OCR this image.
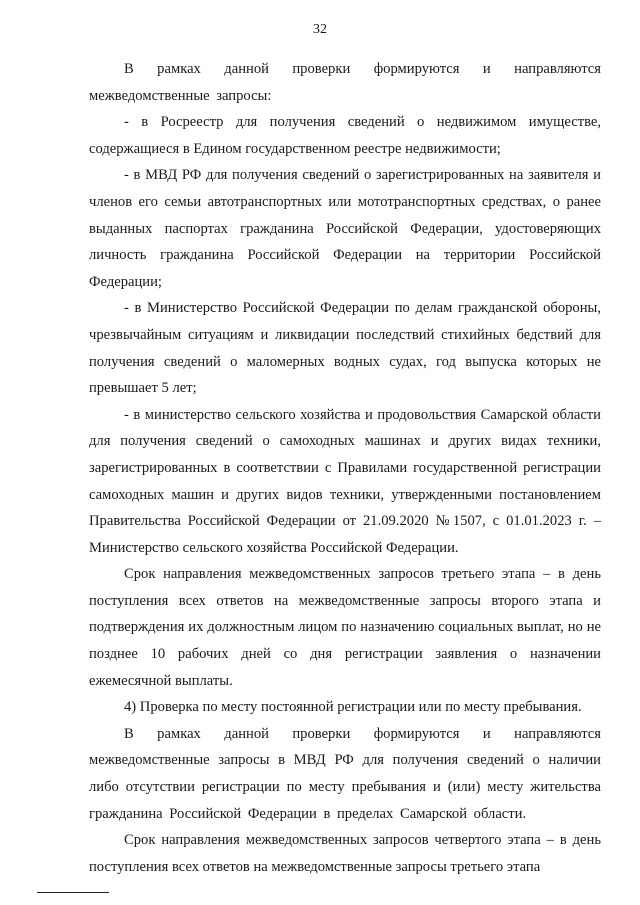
32

В рамках данной проверки формируются и направляются межведомственные запросы:

- в Росреестр для получения сведений о недвижимом имуществе, содержащиеся в Едином государственном реестре недвижимости;

- в МВД РФ для получения сведений о зарегистрированных на заявителя и членов его семьи автотранспортных или мототранспортных средствах, о ранее выданных паспортах гражданина Российской Федерации, удостоверяющих личность гражданина Российской Федерации на территории Российской Федерации;

- в Министерство Российской Федерации по делам гражданской обороны, чрезвычайным ситуациям и ликвидации последствий стихийных бедствий для получения сведений о маломерных водных судах, год выпуска которых не превышает 5 лет;

- в министерство сельского хозяйства и продовольствия Самарской области для получения сведений о самоходных машинах и других видах техники, зарегистрированных в соответствии с Правилами государственной регистрации самоходных машин и других видов техники, утвержденными постановлением Правительства Российской Федерации от 21.09.2020 №1507, с 01.01.2023 г. – Министерство сельского хозяйства Российской Федерации.

Срок направления межведомственных запросов третьего этапа – в день поступления всех ответов на межведомственные запросы второго этапа и подтверждения их должностным лицом по назначению социальных выплат, но не позднее 10 рабочих дней со дня регистрации заявления о назначении ежемесячной выплаты.

4) Проверка по месту постоянной регистрации или по месту пребывания.

В рамках данной проверки формируются и направляются межведомственные запросы в МВД РФ для получения сведений о наличии либо отсутствии регистрации по месту пребывания и (или) месту жительства гражданина Российской Федерации в пределах Самарской области.

Срок направления межведомственных запросов четвертого этапа – в день поступления всех ответов на межведомственные запросы третьего этапа
